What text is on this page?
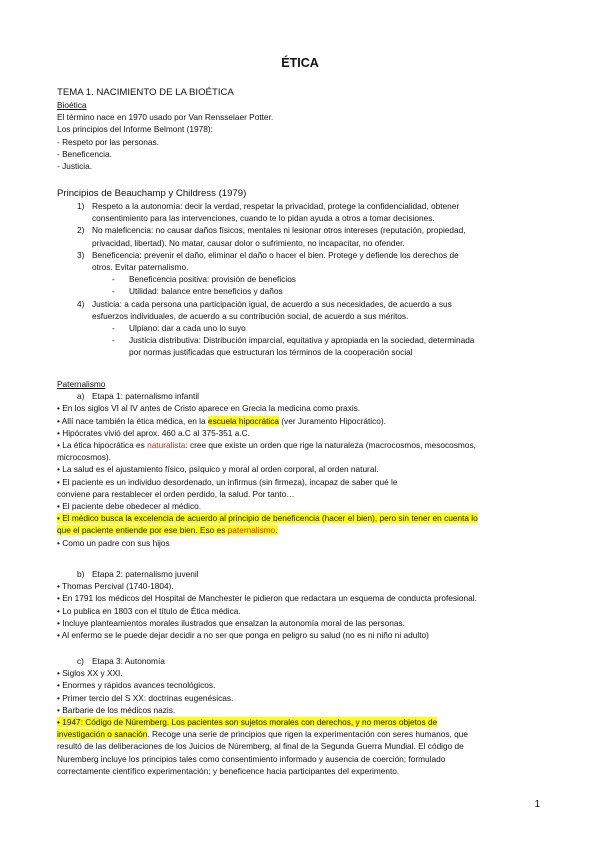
ÉTICA
TEMA 1. NACIMIENTO DE LA BIOÉTICA
Bioética
El término nace en 1970 usado por Van Rensselaer Potter.
Los principios del Informe Belmont (1978):
- Respeto por las personas.
- Beneficencia.
- Justicia.
Principios de Beauchamp y Childress (1979)
1) Respeto a la autonomía: decir la verdad, respetar la privacidad, protege la confidencialidad, obtener
consentimiento para las intervenciones, cuando te lo pidan ayuda a otros a tomar decisiones.
2) No maleficencia: no causar daños físicos, mentales ni lesionar otros intereses (reputación, propiedad,
privacidad, libertad). No matar, causar dolor o sufrimiento, no incapacitar, no ofender.
3) Beneficencia: prevenir el daño, eliminar el daño o hacer el bien. Protege y defiende los derechos de
otros. Evitar paternalismo.
- Beneficencia positiva: provisión de beneficios
- Utilidad: balance entre beneficios y daños
4) Justicia: a cada persona una participación igual, de acuerdo a sus necesidades, de acuerdo a sus
esfuerzos individuales, de acuerdo a su contribución social, de acuerdo a sus méritos.
- Ulpiano: dar a cada uno lo suyo
- Justicia distributiva: Distribución imparcial, equitativa y apropiada en la sociedad, determinada
por normas justificadas que estructuran los términos de la cooperación social
Paternalismo
a) Etapa 1: paternalismo infantil
• En los siglos VI al IV antes de Cristo aparece en Grecia la medicina como praxis.
• Allí nace también la ética médica, en la escuela hipocrática (ver Juramento Hipocrático).
• Hipócrates vivió del aprox. 460 a.C al 375-351 a.C.
• La ética hipocrática es naturalista: cree que existe un orden que rige la naturaleza (macrocosmos, mesocosmos,
microcosmos).
• La salud es el ajustamiento físico, psíquico y moral al orden corporal, al orden natural.
• El paciente es un individuo desordenado, un infirmus (sin firmeza), incapaz de saber qué le
conviene para restablecer el orden perdido, la salud. Por tanto…
• El paciente debe obedecer al médico.
• El médico busca la excelencia de acuerdo al principio de beneficencia (hacer el bien), pero sin tener en cuenta lo
que el paciente entiende por ese bien. Eso es paternalismo.
• Como un padre con sus hijos
b) Etapa 2: paternalismo juvenil
• Thomas Percival (1740-1804).
• En 1791 los médicos del Hospital de Manchester le pidieron que redactara un esquema de conducta profesional.
• Lo publica en 1803 con el título de Ética médica.
• Incluye planteamientos morales ilustrados que ensalzan la autonomía moral de las personas.
• Al enfermo se le puede dejar decidir a no ser que ponga en peligro su salud (no es ni niño ni adulto)
c) Etapa 3: Autonomía
• Siglos XX y XXI.
• Enormes y rápidos avances tecnológicos.
• Primer tercio del S XX: doctrinas eugenésicas.
• Barbarie de los médicos nazis.
• 1947: Código de Núremberg. Los pacientes son sujetos morales con derechos, y no meros objetos de
investigación o sanación. Recoge una serie de principios que rigen la experimentación con seres humanos, que
resultó de las deliberaciones de los Juicios de Núremberg, al final de la Segunda Guerra Mundial. El código de
Nuremberg incluye los principios tales como consentimiento informado y ausencia de coerción; formulado
correctamente científico experimentación; y beneficence hacia participantes del experimento.
1
